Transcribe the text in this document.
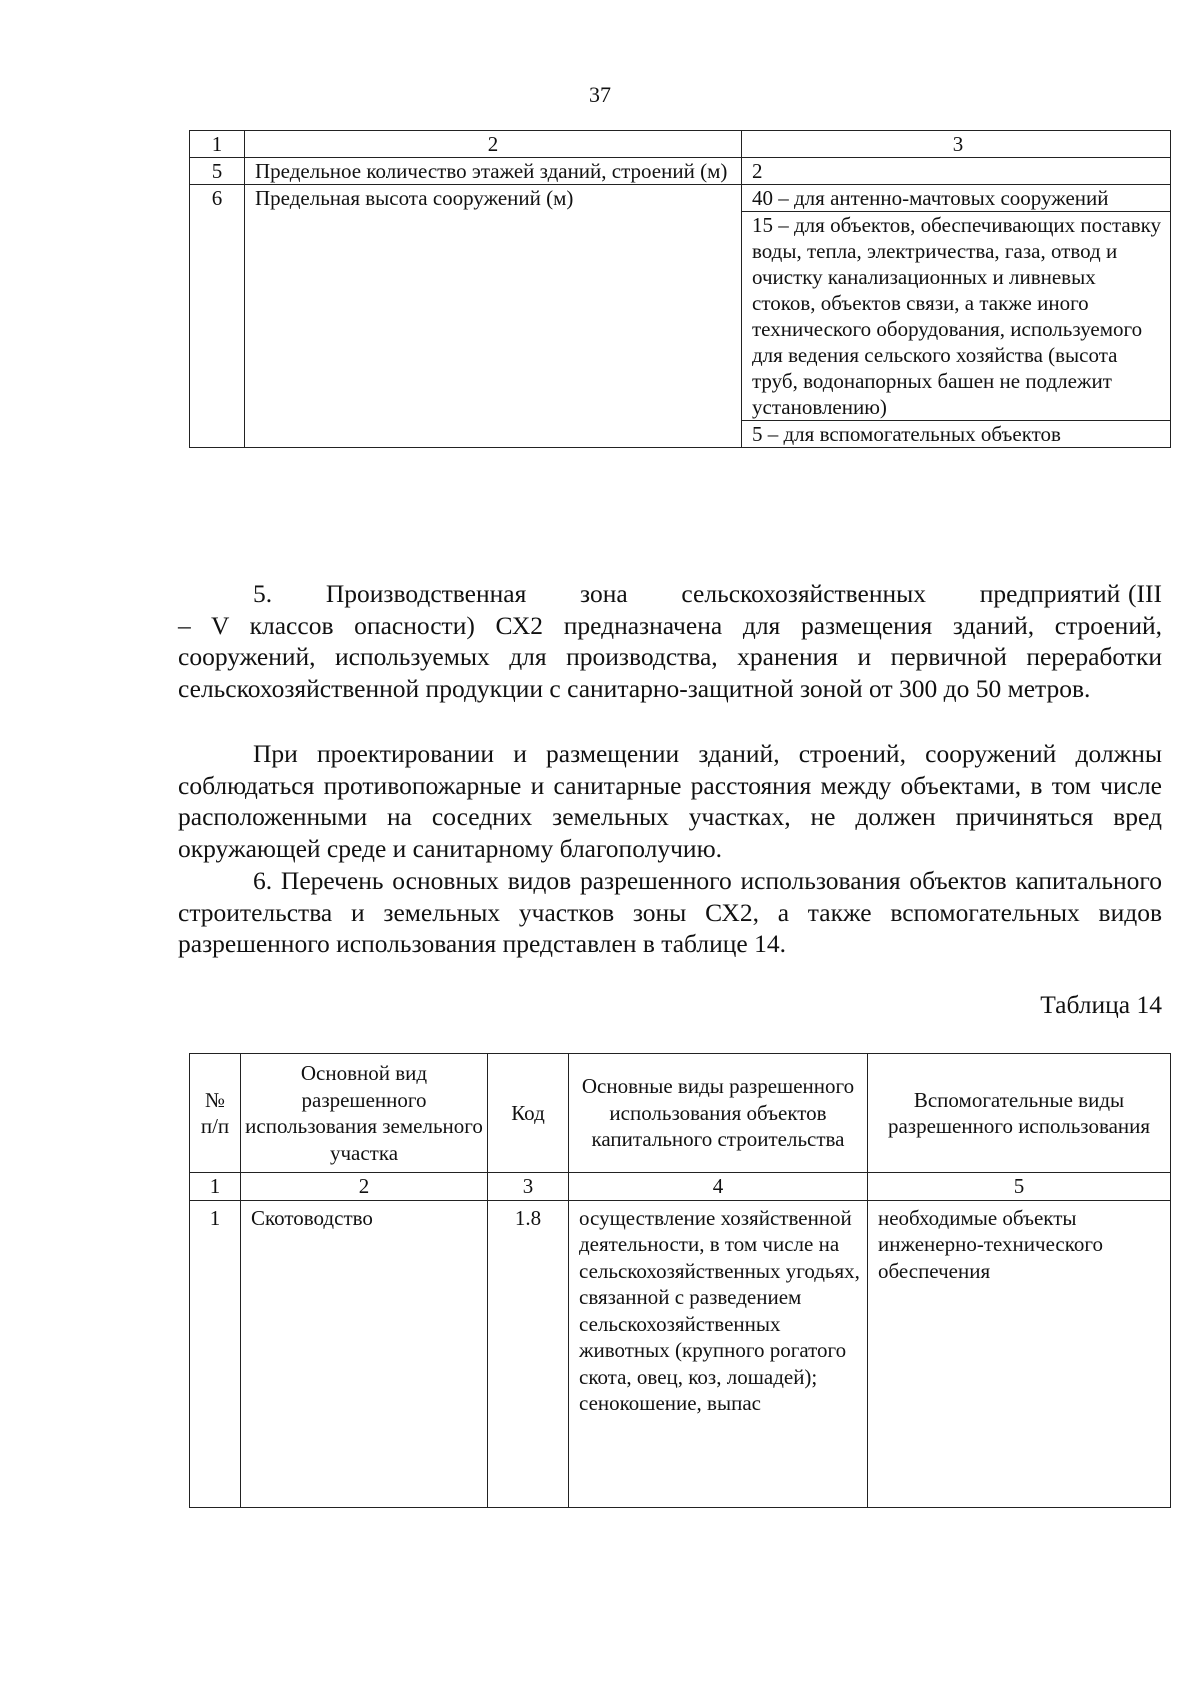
37
1	2	3
5	Предельное количество этажей зданий, строений (м)	2
6	Предельная высота сооружений (м)	40 – для антенно-мачтовых сооружений
		15 – для объектов, обеспечивающих поставку воды, тепла, электричества, газа, отвод и очистку канализационных и ливневых стоков, объектов связи, а также иного технического оборудования, используемого для ведения сельского хозяйства (высота труб, водонапорных башен не подлежит установлению)
		5 – для вспомогательных объектов

5. Производственная зона сельскохозяйственных предприятий (III – V классов опасности) СХ2 предназначена для размещения зданий, строений, сооружений, используемых для производства, хранения и первичной переработки сельскохозяйственной продукции с санитарно-защитной зоной от 300 до 50 метров.

При проектировании и размещении зданий, строений, сооружений должны соблюдаться противопожарные и санитарные расстояния между объектами, в том числе расположенными на соседних земельных участках, не должен причиняться вред окружающей среде и санитарному благополучию.

6. Перечень основных видов разрешенного использования объектов капитального строительства и земельных участков зоны СХ2, а также вспомогательных видов разрешенного использования представлен в таблице 14.

Таблица 14
№ п/п	Основной вид разрешенного использования земельного участка	Код	Основные виды разрешенного использования объектов капитального строительства	Вспомогательные виды разрешенного использования
1	2	3	4	5
1	Скотоводство	1.8	осуществление хозяйственной деятельности, в том числе на сельскохозяйственных угодьях, связанной с разведением сельскохозяйственных животных (крупного рогатого скота, овец, коз, лошадей); сенокошение, выпас	необходимые объекты инженерно-технического обеспечения
